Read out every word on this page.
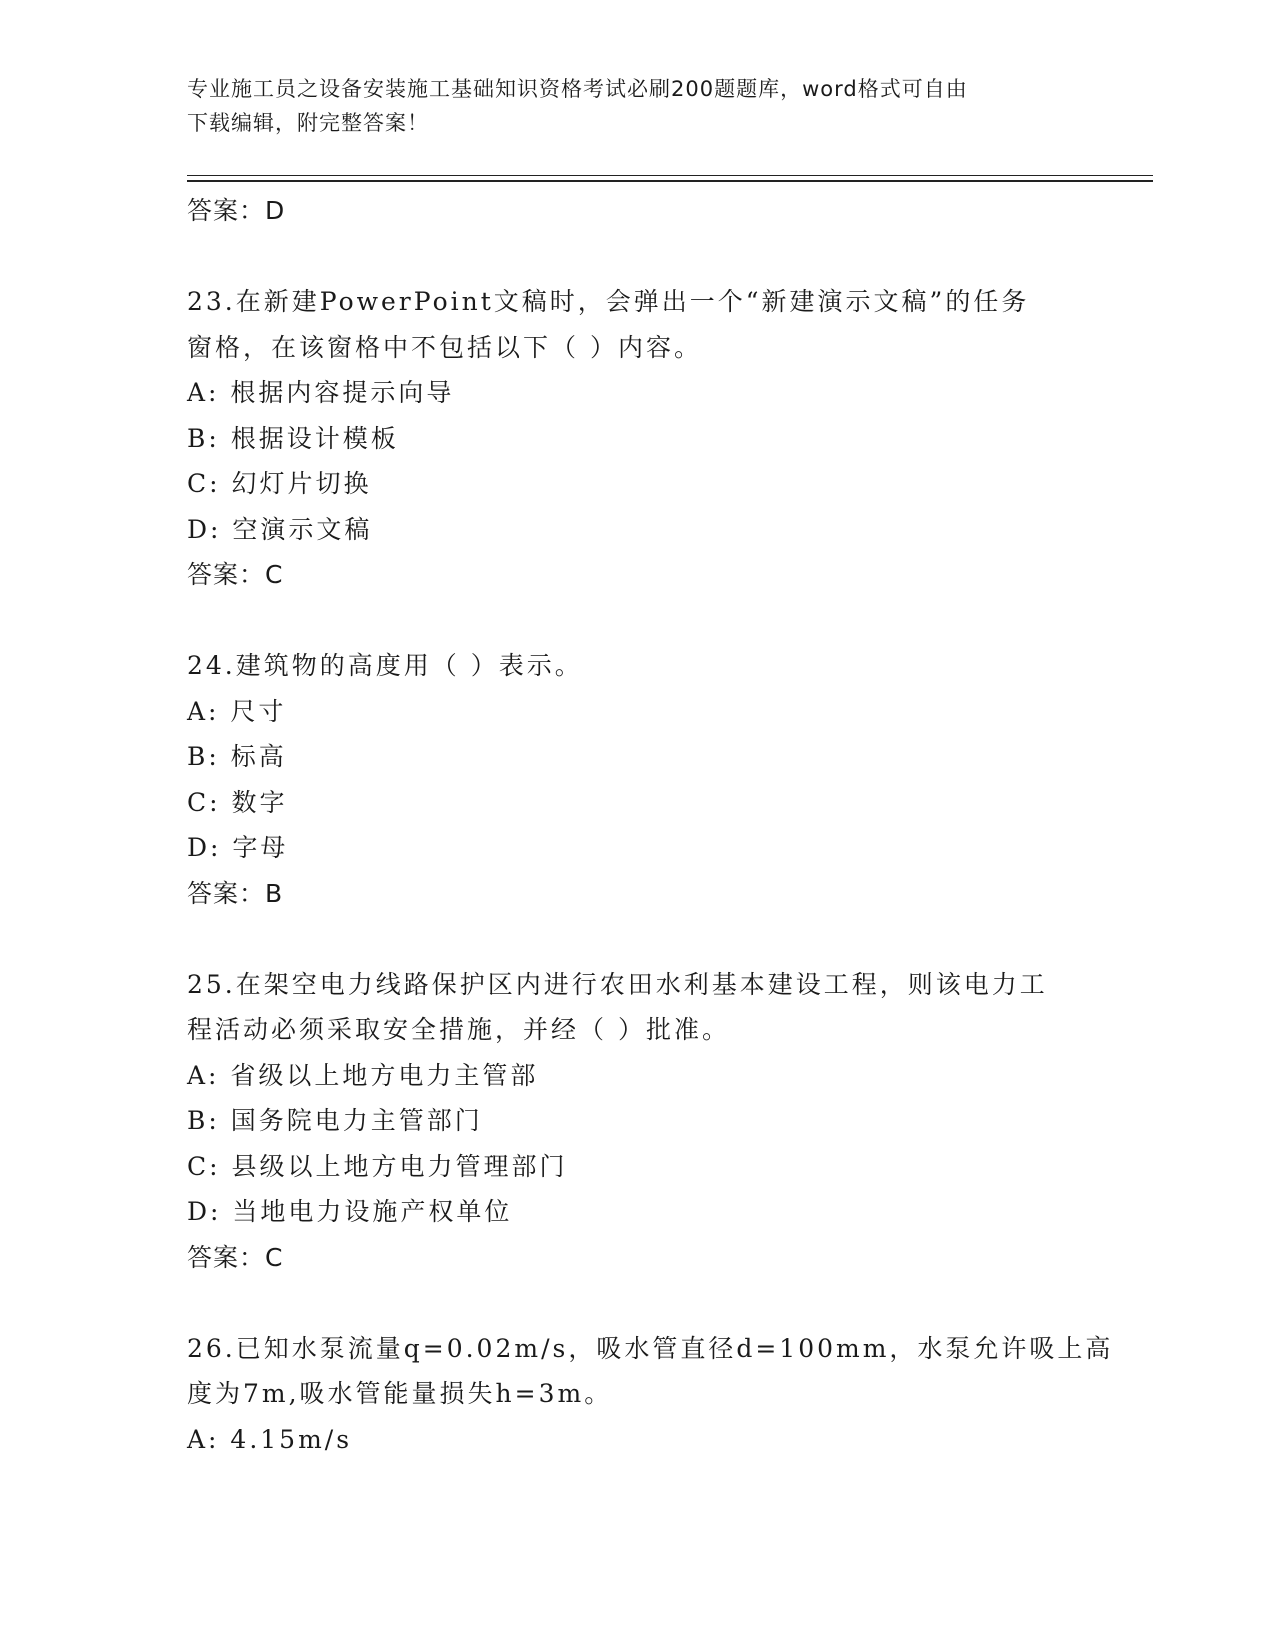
专业施工员之设备安装施工基础知识资格考试必刷200题题库，word格式可自由
下载编辑，附完整答案！
答案：D
23.在新建PowerPoint文稿时，会弹出一个“新建演示文稿”的任务
窗格，在该窗格中不包括以下（ ）内容。
A: 根据内容提示向导
B: 根据设计模板
C: 幻灯片切换
D: 空演示文稿
答案：C
24.建筑物的高度用（ ）表示。
A: 尺寸
B: 标高
C: 数字
D: 字母
答案：B
25.在架空电力线路保护区内进行农田水利基本建设工程，则该电力工
程活动必须采取安全措施，并经（ ）批准。
A: 省级以上地方电力主管部
B: 国务院电力主管部门
C: 县级以上地方电力管理部门
D: 当地电力设施产权单位
答案：C
26.已知水泵流量q=0.02m/s，吸水管直径d=100mm，水泵允许吸上高
度为7m,吸水管能量损失h=3m。
A: 4.15m/s
